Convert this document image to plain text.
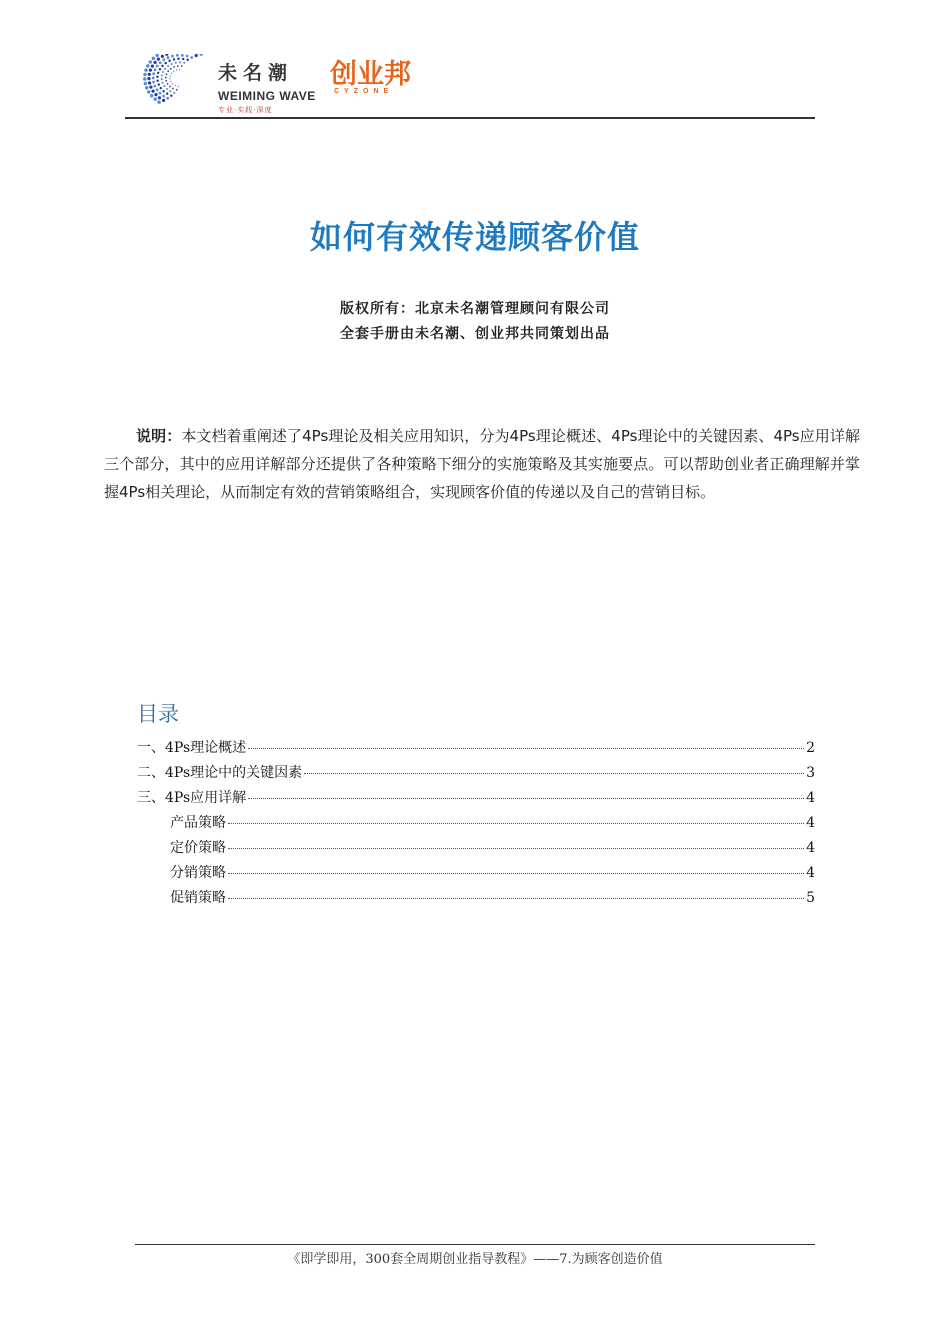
未名潮
WEIMING WAVE
专业·实践·深度
创业邦
CYZONE
如何有效传递顾客价值
版权所有：北京未名潮管理顾问有限公司
全套手册由未名潮、创业邦共同策划出品
说明：本文档着重阐述了4Ps理论及相关应用知识，分为4Ps理论概述、4Ps理论中的关键因素、4Ps应用详解三个部分，其中的应用详解部分还提供了各种策略下细分的实施策略及其实施要点。可以帮助创业者正确理解并掌握4Ps相关理论，从而制定有效的营销策略组合，实现顾客价值的传递以及自己的营销目标。
目录
一、4Ps理论概述	2
二、4Ps理论中的关键因素	3
三、4Ps应用详解	4
产品策略	4
定价策略	4
分销策略	4
促销策略	5
《即学即用，300套全周期创业指导教程》——7.为顾客创造价值
